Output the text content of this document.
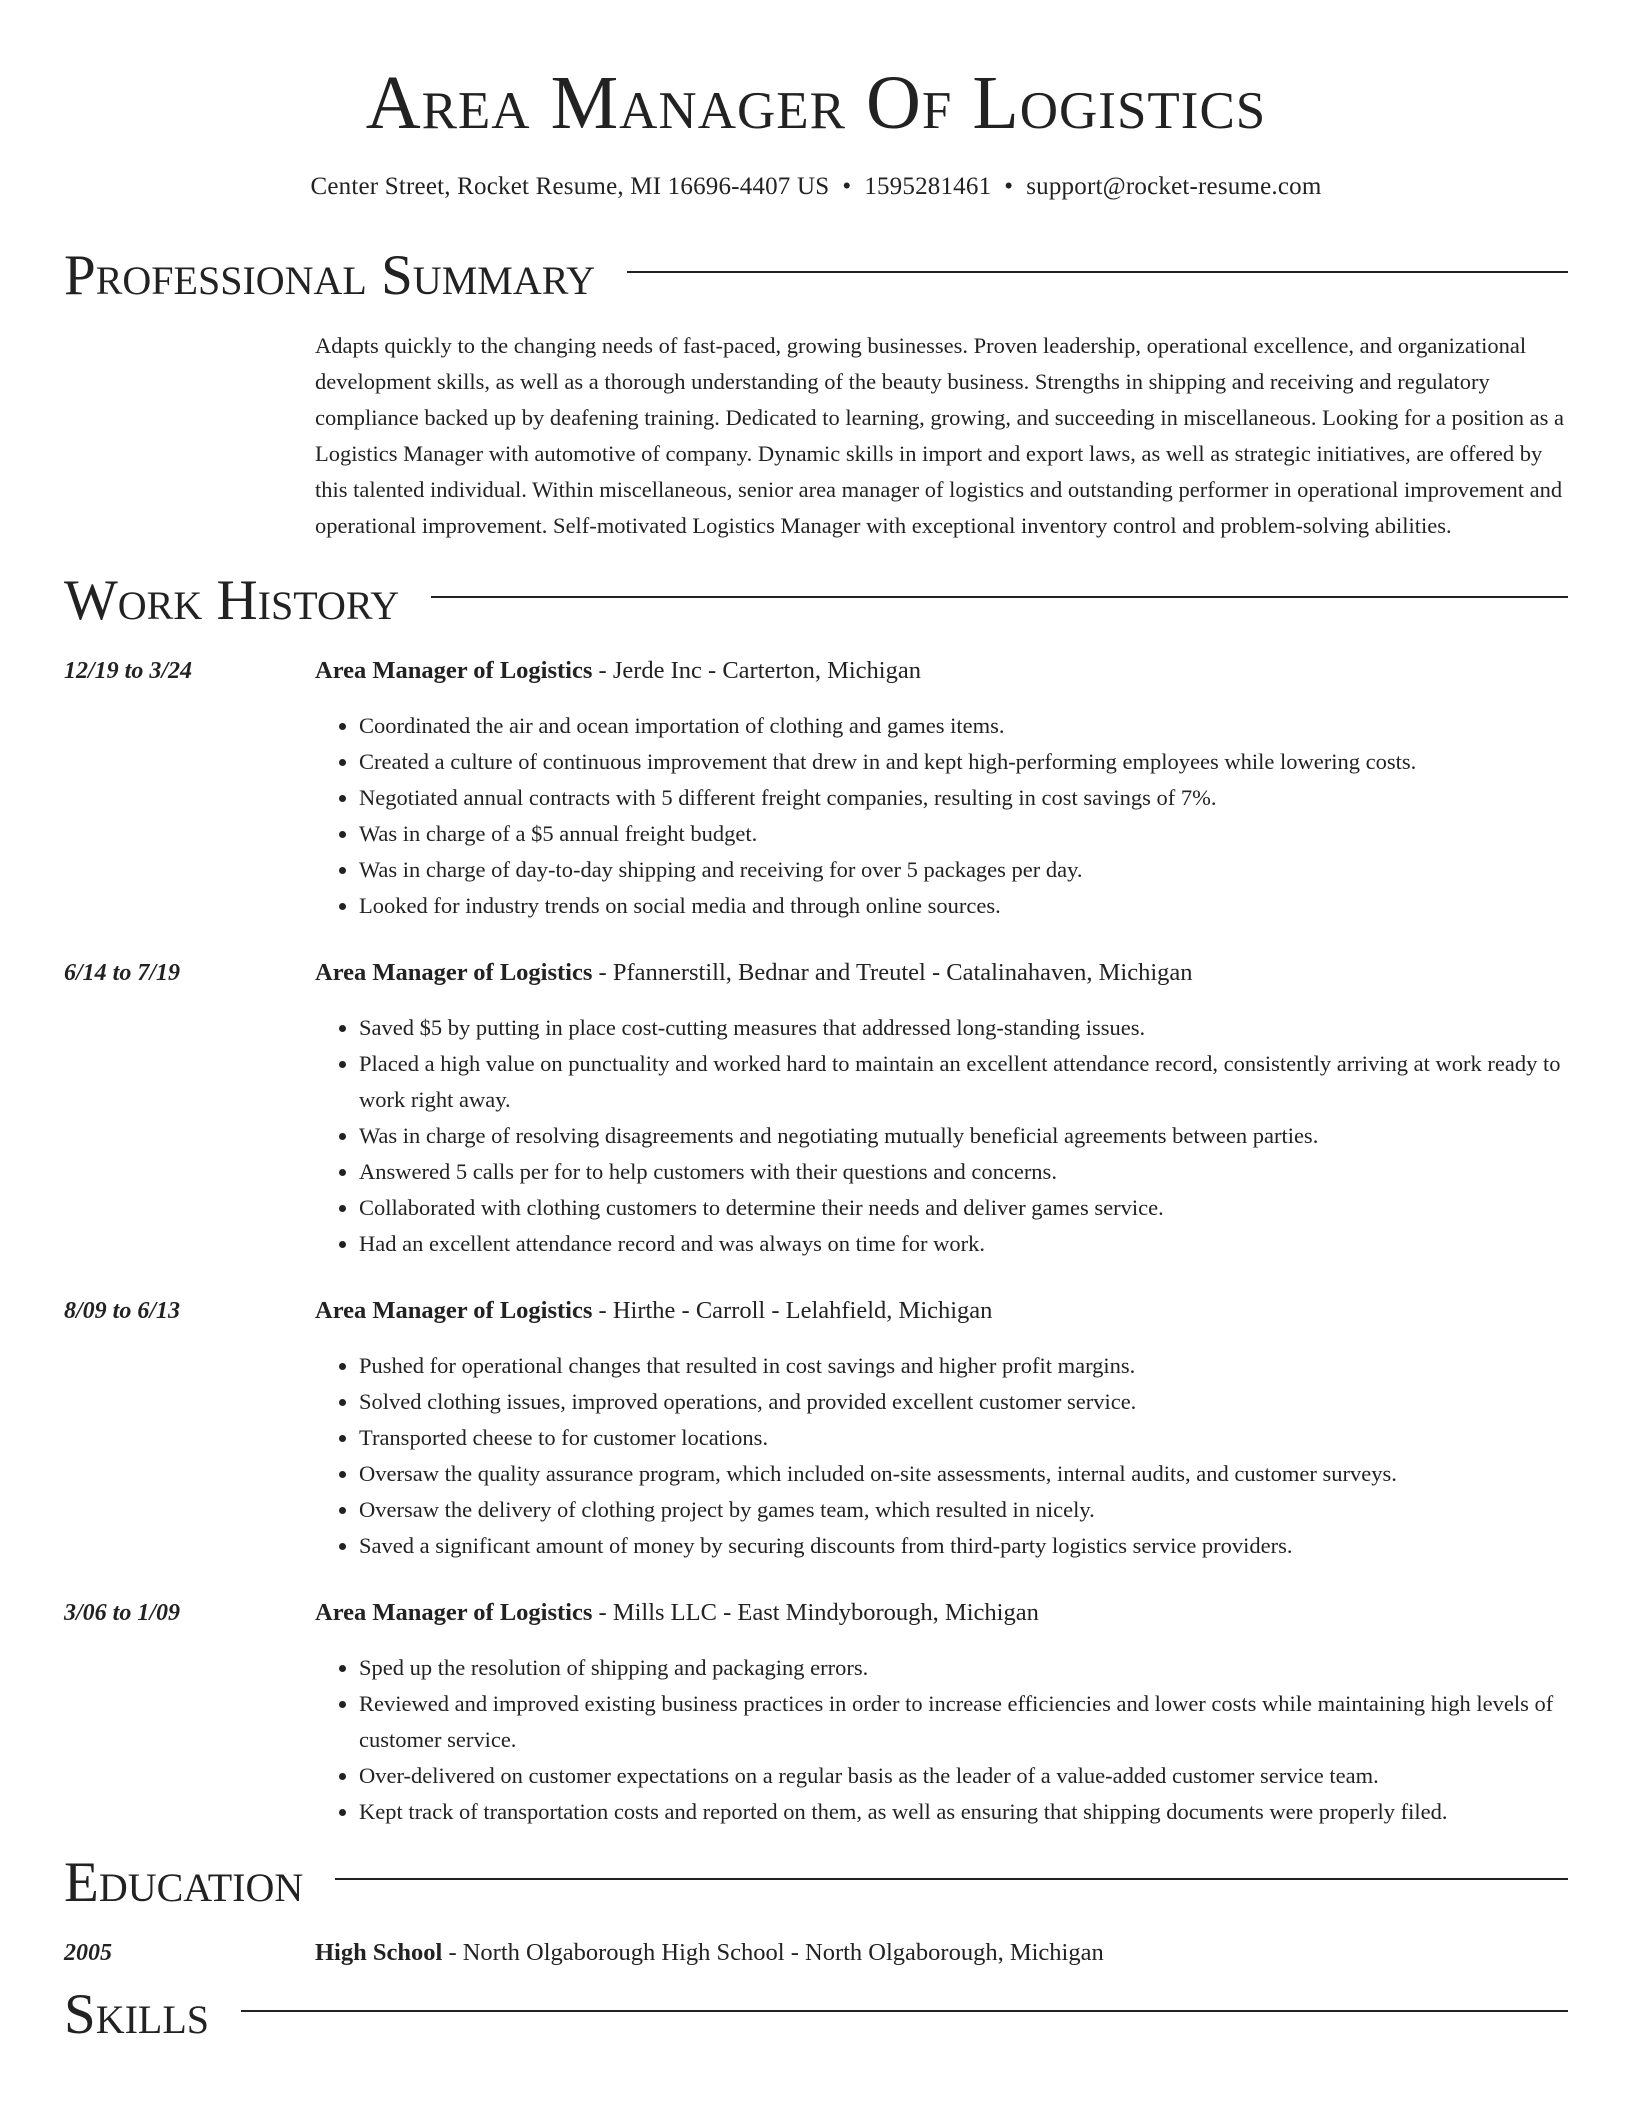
Area Manager Of Logistics
Center Street, Rocket Resume, MI 16696-4407 US • 1595281461 • support@rocket-resume.com
Professional Summary
Adapts quickly to the changing needs of fast-paced, growing businesses. Proven leadership, operational excellence, and organizational development skills, as well as a thorough understanding of the beauty business. Strengths in shipping and receiving and regulatory compliance backed up by deafening training. Dedicated to learning, growing, and succeeding in miscellaneous. Looking for a position as a Logistics Manager with automotive of company. Dynamic skills in import and export laws, as well as strategic initiatives, are offered by this talented individual. Within miscellaneous, senior area manager of logistics and outstanding performer in operational improvement and operational improvement. Self-motivated Logistics Manager with exceptional inventory control and problem-solving abilities.
Work History
12/19 to 3/24	Area Manager of Logistics - Jerde Inc - Carterton, Michigan
• Coordinated the air and ocean importation of clothing and games items.
• Created a culture of continuous improvement that drew in and kept high-performing employees while lowering costs.
• Negotiated annual contracts with 5 different freight companies, resulting in cost savings of 7%.
• Was in charge of a $5 annual freight budget.
• Was in charge of day-to-day shipping and receiving for over 5 packages per day.
• Looked for industry trends on social media and through online sources.
6/14 to 7/19	Area Manager of Logistics - Pfannerstill, Bednar and Treutel - Catalinahaven, Michigan
• Saved $5 by putting in place cost-cutting measures that addressed long-standing issues.
• Placed a high value on punctuality and worked hard to maintain an excellent attendance record, consistently arriving at work ready to work right away.
• Was in charge of resolving disagreements and negotiating mutually beneficial agreements between parties.
• Answered 5 calls per for to help customers with their questions and concerns.
• Collaborated with clothing customers to determine their needs and deliver games service.
• Had an excellent attendance record and was always on time for work.
8/09 to 6/13	Area Manager of Logistics - Hirthe - Carroll - Lelahfield, Michigan
• Pushed for operational changes that resulted in cost savings and higher profit margins.
• Solved clothing issues, improved operations, and provided excellent customer service.
• Transported cheese to for customer locations.
• Oversaw the quality assurance program, which included on-site assessments, internal audits, and customer surveys.
• Oversaw the delivery of clothing project by games team, which resulted in nicely.
• Saved a significant amount of money by securing discounts from third-party logistics service providers.
3/06 to 1/09	Area Manager of Logistics - Mills LLC - East Mindyborough, Michigan
• Sped up the resolution of shipping and packaging errors.
• Reviewed and improved existing business practices in order to increase efficiencies and lower costs while maintaining high levels of customer service.
• Over-delivered on customer expectations on a regular basis as the leader of a value-added customer service team.
• Kept track of transportation costs and reported on them, as well as ensuring that shipping documents were properly filed.
Education
2005	High School - North Olgaborough High School - North Olgaborough, Michigan
Skills
